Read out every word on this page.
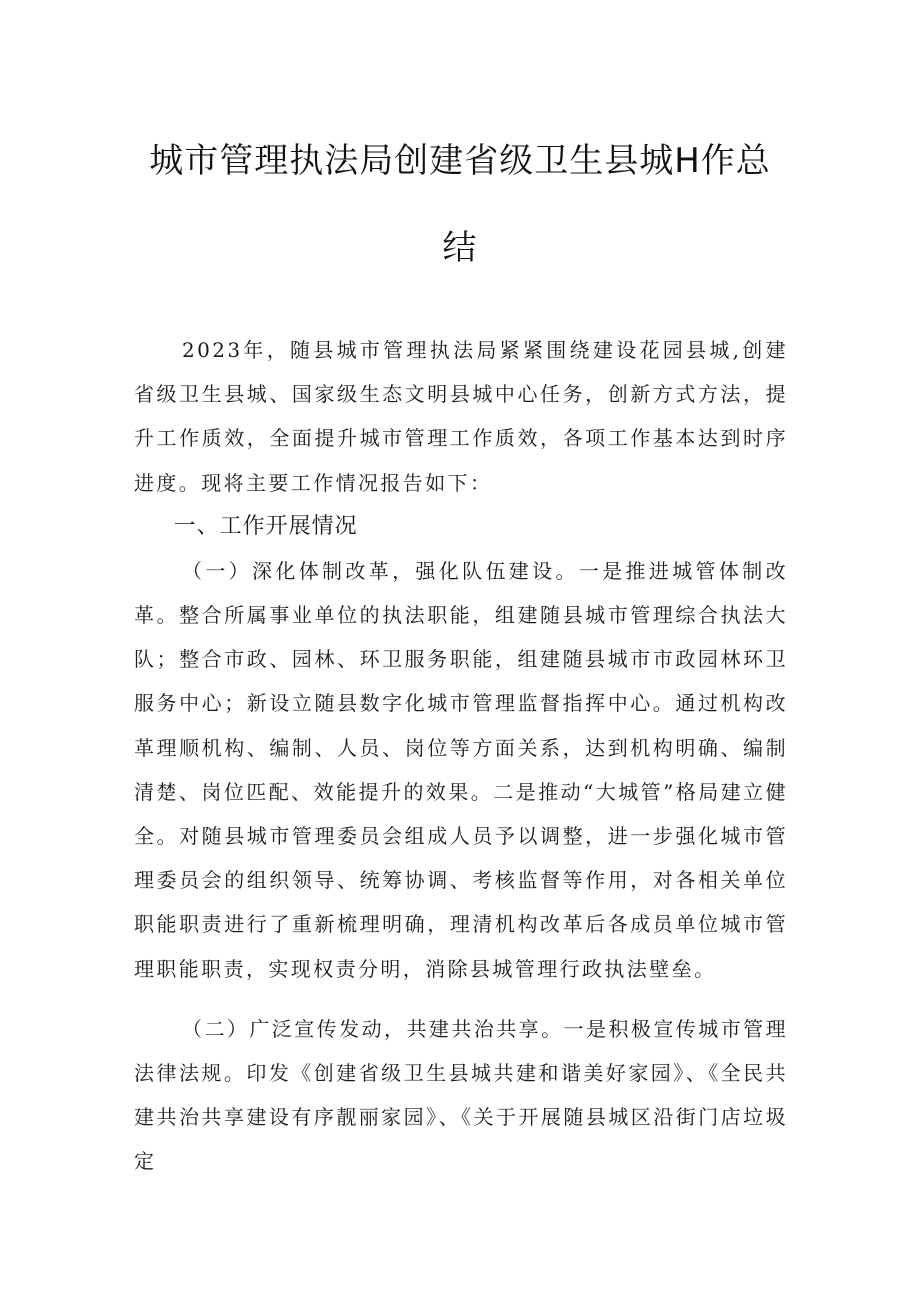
城市管理执法局创建省级卫生县城H作总
结

2023年，随县城市管理执法局紧紧围绕建设花园县城,创建省级卫生县城、国家级生态文明县城中心任务，创新方式方法，提升工作质效，全面提升城市管理工作质效，各项工作基本达到时序进度。现将主要工作情况报告如下：

一、工作开展情况

（一）深化体制改革，强化队伍建设。一是推进城管体制改革。整合所属事业单位的执法职能，组建随县城市管理综合执法大队；整合市政、园林、环卫服务职能，组建随县城市市政园林环卫服务中心；新设立随县数字化城市管理监督指挥中心。通过机构改革理顺机构、编制、人员、岗位等方面关系，达到机构明确、编制清楚、岗位匹配、效能提升的效果。二是推动“大城管”格局建立健全。对随县城市管理委员会组成人员予以调整，进一步强化城市管理委员会的组织领导、统筹协调、考核监督等作用，对各相关单位职能职责进行了重新梳理明确，理清机构改革后各成员单位城市管理职能职责，实现权责分明，消除县城管理行政执法壁垒。

（二）广泛宣传发动，共建共治共享。一是积极宣传城市管理法律法规。印发《创建省级卫生县城共建和谐美好家园》、《全民共建共治共享建设有序靓丽家园》、《关于开展随县城区沿街门店垃圾定
